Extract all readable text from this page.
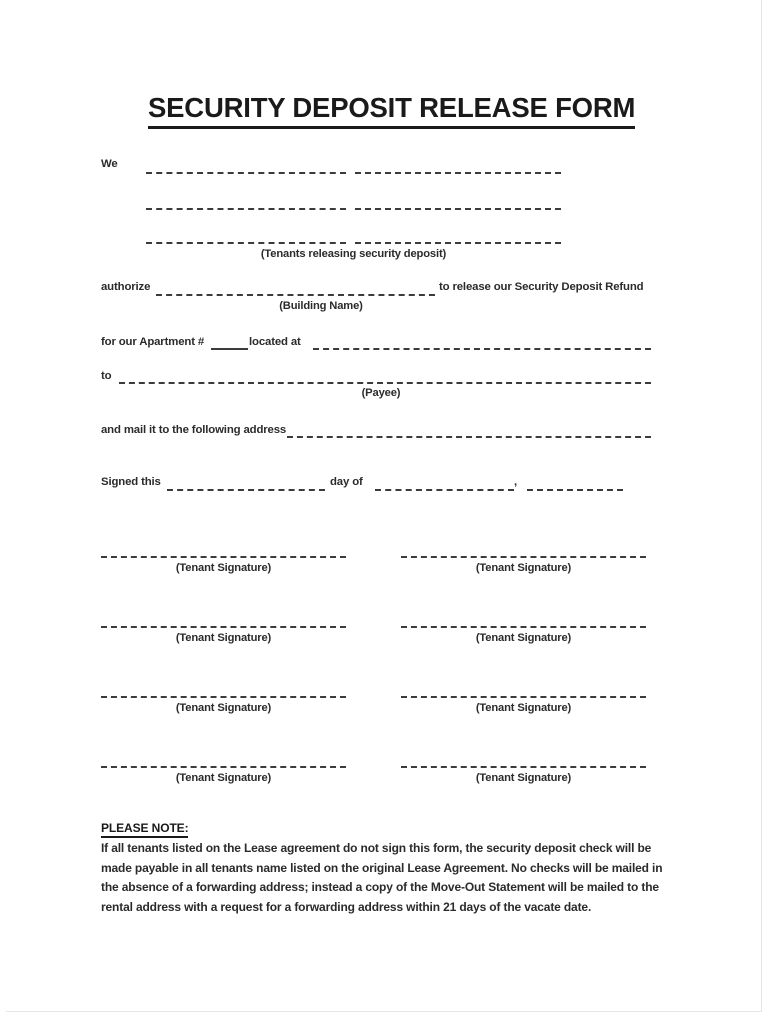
SECURITY DEPOSIT RELEASE FORM
We
(Tenants releasing security deposit)
authorize	to release our Security Deposit Refund
(Building Name)
for our Apartment #	located at
to
(Payee)
and mail it to the following address
Signed this	day of	,
(Tenant Signature)	(Tenant Signature)
(Tenant Signature)	(Tenant Signature)
(Tenant Signature)	(Tenant Signature)
(Tenant Signature)	(Tenant Signature)
PLEASE NOTE:
If all tenants listed on the Lease agreement do not sign this form, the security deposit check will be made payable in all tenants name listed on the original Lease Agreement. No checks will be mailed in the absence of a forwarding address; instead a copy of the Move-Out Statement will be mailed to the rental address with a request for a forwarding address within 21 days of the vacate date.
